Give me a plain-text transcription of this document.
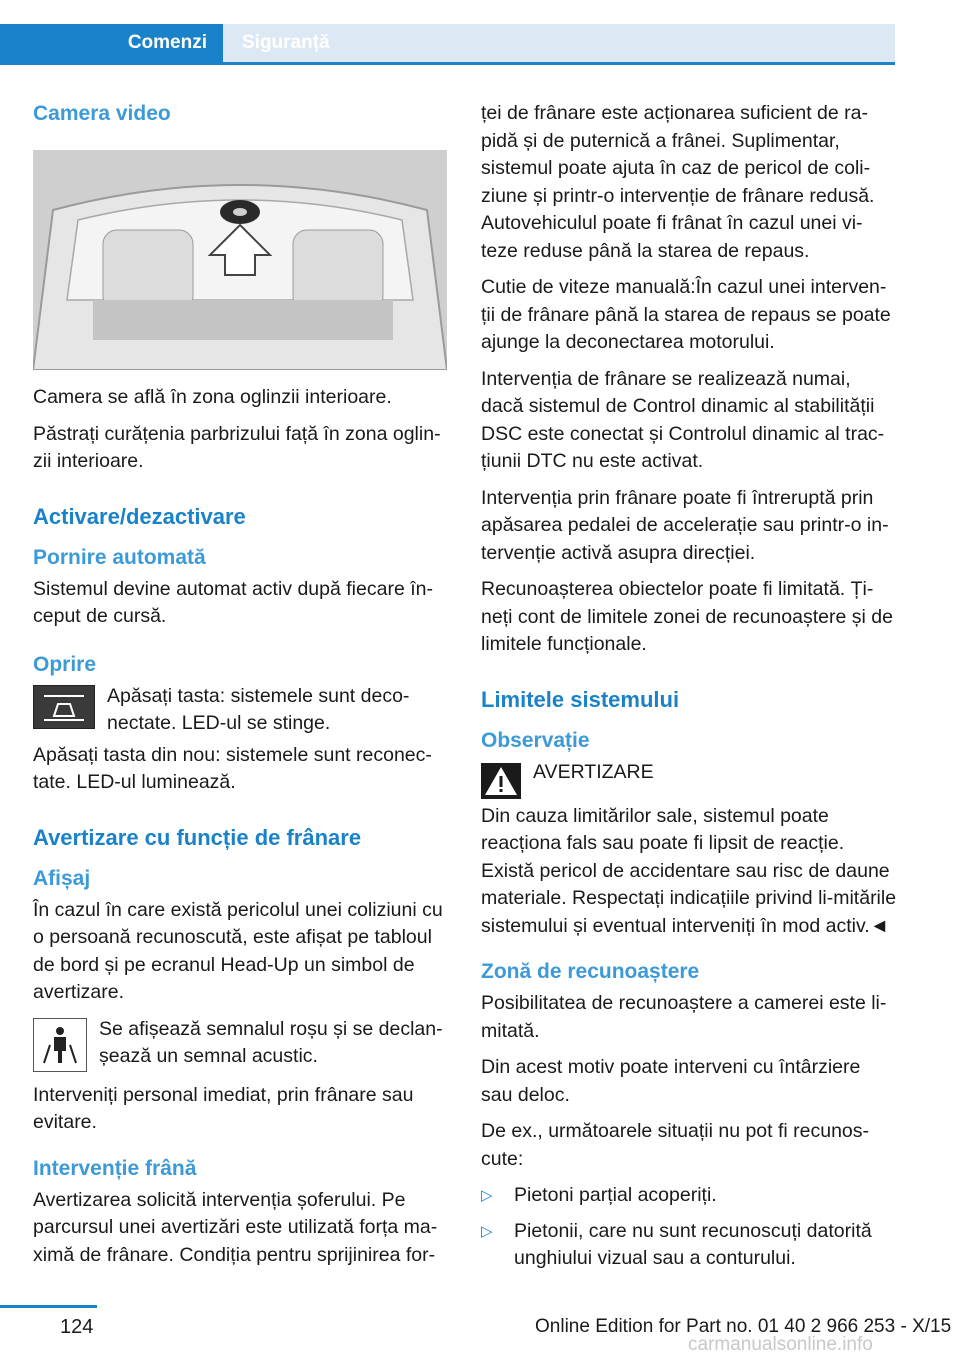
Comenzi	Siguranță
Camera video

Camera se află în zona oglinzii interioare.

Păstrați curățenia parbrizului față în zona oglin‐zii interioare.

Activare/dezactivare
Pornire automată

Sistemul devine automat activ după fiecare în‐ceput de cursă.

Oprire

Apăsați tasta: sistemele sunt deco‐nectate. LED-ul se stinge.

Apăsați tasta din nou: sistemele sunt reconec‐tate. LED-ul luminează.

Avertizare cu funcție de frânare
Afișaj

În cazul în care există pericolul unei coliziuni cu o persoană recunoscută, este afișat pe tabloul de bord și pe ecranul Head-Up un simbol de avertizare.

Se afișează semnalul roșu și se declan‐șează un semnal acustic.

Interveniți personal imediat, prin frânare sau evitare.

Intervenție frână

Avertizarea solicită intervenția șoferului. Pe parcursul unei avertizări este utilizată forța ma‐ximă de frânare. Condiția pentru sprijinirea for‐

ței de frânare este acționarea suficient de ra‐pidă și de puternică a frânei. Suplimentar, sistemul poate ajuta în caz de pericol de coli‐ziune și printr-o intervenție de frânare redusă. Autovehiculul poate fi frânat în cazul unei vi‐teze reduse până la starea de repaus.

Cutie de viteze manuală:În cazul unei interven‐ții de frânare până la starea de repaus se poate ajunge la deconectarea motorului.

Intervenția de frânare se realizează numai, dacă sistemul de Control dinamic al stabilității DSC este conectat și Controlul dinamic al trac‐țiunii DTC nu este activat.

Intervenția prin frânare poate fi întreruptă prin apăsarea pedalei de accelerație sau printr-o in‐tervenție activă asupra direcției.

Recunoașterea obiectelor poate fi limitată. Ți‐neți cont de limitele zonei de recunoaștere și de limitele funcționale.

Limitele sistemului
Observație

AVERTIZARE

Din cauza limitărilor sale, sistemul poate reacționa fals sau poate fi lipsit de reacție. Există pericol de accidentare sau risc de daune materiale. Respectați indicațiile privind li‐mitările sistemului și eventual interveniți în mod activ.◄

Zonă de recunoaștere

Posibilitatea de recunoaștere a camerei este li‐mitată.

Din acest motiv poate interveni cu întârziere sau deloc.

De ex., următoarele situații nu pot fi recunos‐cute:

▷	Pietoni parțial acoperiți.
▷	Pietonii, care nu sunt recunoscuți datorită unghiului vizual sau a conturului.
124	Online Edition for Part no. 01 40 2 966 253 - X/15
carmanualsonline.info
